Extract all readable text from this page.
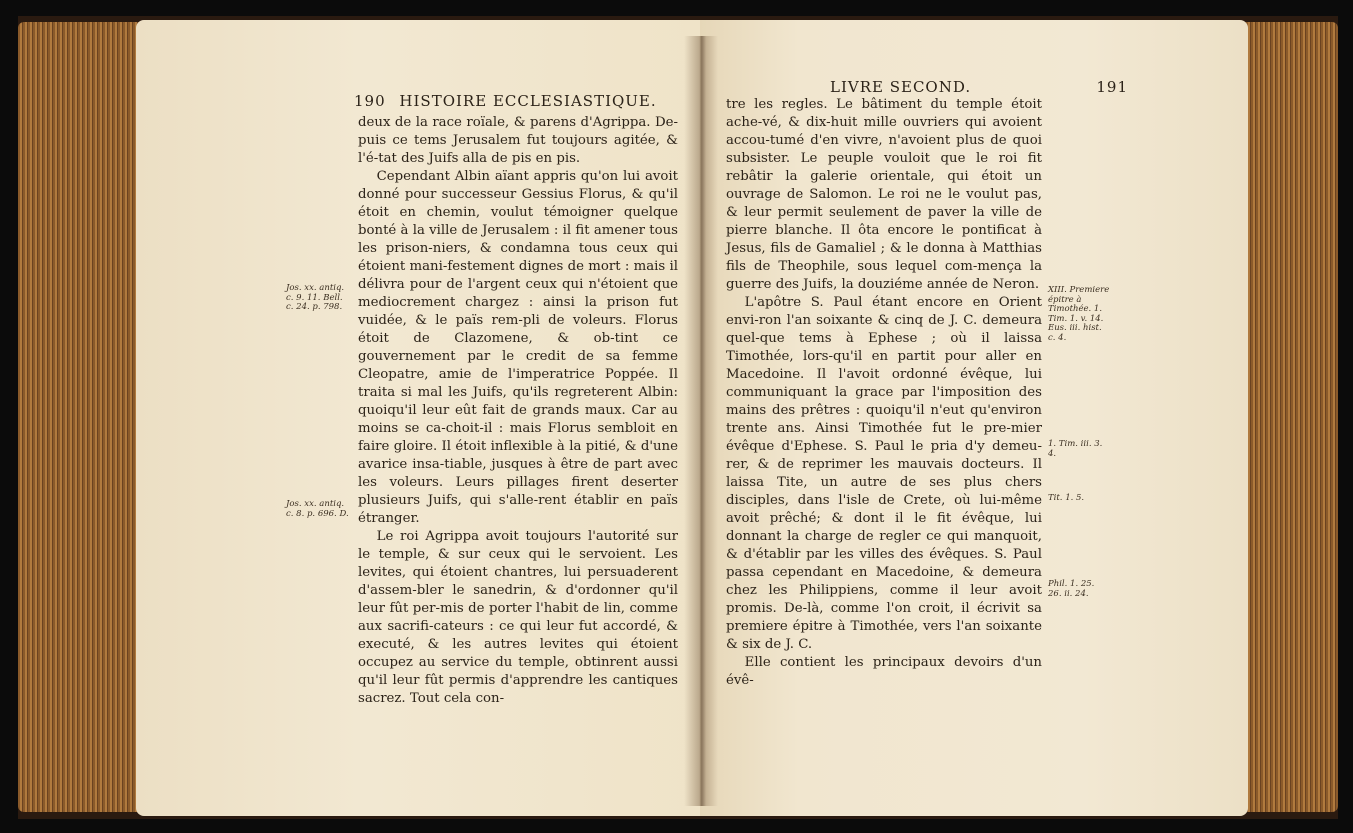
190 HISTOIRE ECCLESIASTIQUE.
Jos. xx. antiq. c. 9. 11. Bell. c. 24. p. 798.
Jos. xx. antiq. c. 8. p. 696. D.

deux de la race roïale, & parens d'Agrippa. De-puis ce tems Jerusalem fut toujours agitée, & l'é-tat des Juifs alla de pis en pis.

Cependant Albin aïant appris qu'on lui avoit donné pour successeur Gessius Florus, & qu'il étoit en chemin, voulut témoigner quelque bonté à la ville de Jerusalem : il fit amener tous les prison-niers, & condamna tous ceux qui étoient mani-festement dignes de mort : mais il délivra pour de l'argent ceux qui n'étoient que mediocrement chargez : ainsi la prison fut vuidée, & le païs rem-pli de voleurs. Florus étoit de Clazomene, & ob-tint ce gouvernement par le credit de sa femme Cleopatre, amie de l'imperatrice Poppée. Il traita si mal les Juifs, qu'ils regreterent Albin: quoiqu'il leur eût fait de grands maux. Car au moins se ca-choit-il : mais Florus sembloit en faire gloire. Il étoit inflexible à la pitié, & d'une avarice insa-tiable, jusques à être de part avec les voleurs. Leurs pillages firent deserter plusieurs Juifs, qui s'alle-rent établir en païs étranger.

Le roi Agrippa avoit toujours l'autorité sur le temple, & sur ceux qui le servoient. Les levites, qui étoient chantres, lui persuaderent d'assem-bler le sanedrin, & d'ordonner qu'il leur fût per-mis de porter l'habit de lin, comme aux sacrifi-cateurs : ce qui leur fut accordé, & executé, & les autres levites qui étoient occupez au service du temple, obtinrent aussi qu'il leur fût permis d'apprendre les cantiques sacrez. Tout cela con-

LIVRE SECOND.	191

tre les regles. Le bâtiment du temple étoit ache-vé, & dix-huit mille ouvriers qui avoient accou-tumé d'en vivre, n'avoient plus de quoi subsister. Le peuple vouloit que le roi fit rebâtir la galerie orientale, qui étoit un ouvrage de Salomon. Le roi ne le voulut pas, & leur permit seulement de paver la ville de pierre blanche. Il ôta encore le pontificat à Jesus, fils de Gamaliel ; & le donna à Matthias fils de Theophile, sous lequel com-mença la guerre des Juifs, la douziéme année de Neron.

L'apôtre S. Paul étant encore en Orient envi-ron l'an soixante & cinq de J. C. demeura quel-que tems à Ephese ; où il laissa Timothée, lors-qu'il en partit pour aller en Macedoine. Il l'avoit ordonné évêque, lui communiquant la grace par l'imposition des mains des prêtres : quoiqu'il n'eut qu'environ trente ans. Ainsi Timothée fut le pre-mier évêque d'Ephese. S. Paul le pria d'y demeu-rer, & de reprimer les mauvais docteurs. Il laissa Tite, un autre de ses plus chers disciples, dans l'isle de Crete, où lui-même avoit prêché; & dont il le fit évêque, lui donnant la charge de regler ce qui manquoit, & d'établir par les villes des évêques. S. Paul passa cependant en Macedoine, & demeura chez les Philippiens, comme il leur avoit promis. De-là, comme l'on croit, il écrivit sa premiere épitre à Timothée, vers l'an soixante & six de J. C.

Elle contient les principaux devoirs d'un évê-

XIII. Premiere épitre à Timothée. 1. Tim. 1. v. 14. Eus. iii. hist. c. 4.
1. Tim. iii. 3. 4.
Tit. 1. 5.
Phil. 1. 25. 26. ii. 24.
